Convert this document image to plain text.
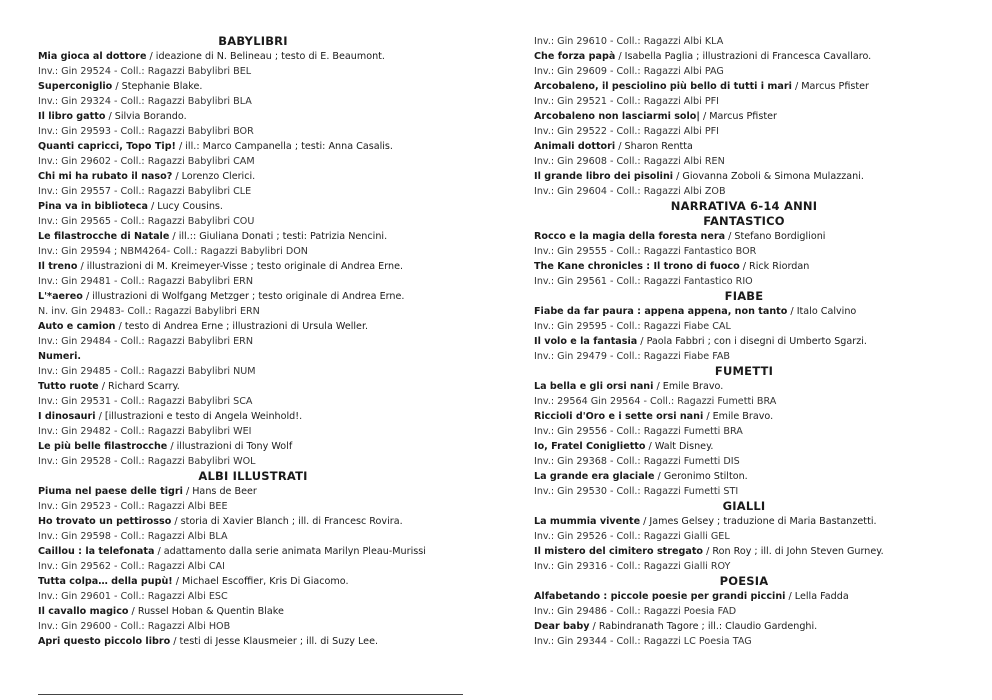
BABYLIBRI
Mia gioca al dottore / ideazione di N. Belineau ; testo di E. Beaumont.
Inv.: Gin 29524 - Coll.: Ragazzi Babylibri BEL
Superconiglio / Stephanie Blake.
Inv.: Gin 29324 - Coll.: Ragazzi Babylibri BLA
Il libro gatto / Silvia Borando.
Inv.: Gin 29593 - Coll.: Ragazzi Babylibri BOR
Quanti capricci, Topo Tip! / ill.: Marco Campanella ; testi: Anna Casalis.
Inv.: Gin 29602 - Coll.: Ragazzi Babylibri CAM
Chi mi ha rubato il naso? / Lorenzo Clerici.
Inv.: Gin 29557 - Coll.: Ragazzi Babylibri CLE
Pina va in biblioteca / Lucy Cousins.
Inv.: Gin 29565 - Coll.: Ragazzi Babylibri COU
Le filastrocche di Natale / ill.:: Giuliana Donati ; testi: Patrizia Nencini.
Inv.: Gin 29594 ; NBM4264- Coll.: Ragazzi Babylibri DON
Il treno / illustrazioni di M. Kreimeyer-Visse ; testo originale di Andrea Erne.
Inv.: Gin 29481 - Coll.: Ragazzi Babylibri ERN
L'*aereo / illustrazioni di Wolfgang Metzger ; testo originale di Andrea Erne.
N. inv. Gin 29483- Coll.: Ragazzi Babylibri ERN
Auto e camion / testo di Andrea Erne ; illustrazioni di Ursula Weller.
Inv.: Gin 29484 - Coll.: Ragazzi Babylibri ERN
Numeri.
Inv.: Gin 29485 - Coll.: Ragazzi Babylibri NUM
Tutto ruote / Richard Scarry.
Inv.: Gin 29531 - Coll.: Ragazzi Babylibri SCA
I dinosauri / [illustrazioni e testo di Angela Weinhold!.
Inv.: Gin 29482 - Coll.: Ragazzi Babylibri WEI
Le più belle filastrocche / illustrazioni di Tony Wolf
Inv.: Gin 29528 - Coll.: Ragazzi Babylibri WOL
ALBI ILLUSTRATI
Piuma nel paese delle tigri / Hans de Beer
Inv.: Gin 29523 - Coll.: Ragazzi Albi BEE
Ho trovato un pettirosso / storia di Xavier Blanch ; ill. di Francesc Rovira.
Inv.: Gin 29598 - Coll.: Ragazzi Albi BLA
Caillou : la telefonata / adattamento dalla serie animata Marilyn Pleau-Murissi
Inv.: Gin 29562 - Coll.: Ragazzi Albi CAI
Tutta colpa… della pupù! / Michael Escoffier, Kris Di Giacomo.
Inv.: Gin 29601 - Coll.: Ragazzi Albi ESC
Il cavallo magico / Russel Hoban & Quentin Blake
Inv.: Gin 29600 - Coll.: Ragazzi Albi HOB
Apri questo piccolo libro / testi di Jesse Klausmeier ; ill. di Suzy Lee.
Inv.: Gin 29610 - Coll.: Ragazzi Albi KLA
Che forza papà / Isabella Paglia ; illustrazioni di Francesca Cavallaro.
Inv.: Gin 29609 - Coll.: Ragazzi Albi PAG
Arcobaleno, il pesciolino più bello di tutti i mari / Marcus Pfister
Inv.: Gin 29521 - Coll.: Ragazzi Albi PFI
Arcobaleno non lasciarmi solo| / Marcus Pfister
Inv.: Gin 29522 - Coll.: Ragazzi Albi PFI
Animali dottori / Sharon Rentta
Inv.: Gin 29608 - Coll.: Ragazzi Albi REN
Il grande libro dei pisolini / Giovanna Zoboli & Simona Mulazzani.
Inv.: Gin 29604 - Coll.: Ragazzi Albi ZOB
NARRATIVA 6-14 ANNI
FANTASTICO
Rocco e la magia della foresta nera / Stefano Bordiglioni
Inv.: Gin 29555 - Coll.: Ragazzi Fantastico BOR
The Kane chronicles : Il trono di fuoco / Rick Riordan
Inv.: Gin 29561 - Coll.: Ragazzi Fantastico RIO
FIABE
Fiabe da far paura : appena appena, non tanto / Italo Calvino
Inv.: Gin 29595 - Coll.: Ragazzi Fiabe CAL
Il volo e la fantasia / Paola Fabbri ; con i disegni di Umberto Sgarzi.
Inv.: Gin 29479 - Coll.: Ragazzi Fiabe FAB
FUMETTI
La bella e gli orsi nani / Emile Bravo.
Inv.: 29564 Gin 29564 - Coll.: Ragazzi Fumetti BRA
Riccioli d'Oro e i sette orsi nani / Emile Bravo.
Inv.: Gin 29556 - Coll.: Ragazzi Fumetti BRA
Io, Fratel Coniglietto / Walt Disney.
Inv.: Gin 29368 - Coll.: Ragazzi Fumetti DIS
La grande era glaciale / Geronimo Stilton.
Inv.: Gin 29530 - Coll.: Ragazzi Fumetti STI
GIALLI
La mummia vivente / James Gelsey ; traduzione di Maria Bastanzetti.
Inv.: Gin 29526 - Coll.: Ragazzi Gialli GEL
Il mistero del cimitero stregato / Ron Roy ; ill. di John Steven Gurney.
Inv.: Gin 29316 - Coll.: Ragazzi Gialli ROY
POESIA
Alfabetando : piccole poesie per grandi piccini / Lella Fadda
Inv.: Gin 29486 - Coll.: Ragazzi Poesia FAD
Dear baby / Rabindranath Tagore ; ill.: Claudio Gardenghi.
Inv.: Gin 29344 - Coll.: Ragazzi LC Poesia TAG
